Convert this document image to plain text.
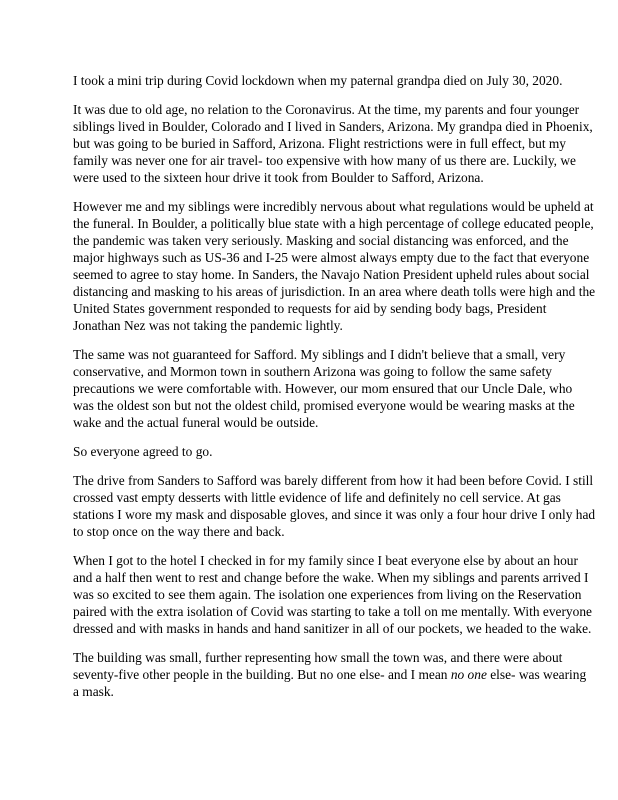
I took a mini trip during Covid lockdown when my paternal grandpa died on July 30, 2020.
It was due to old age, no relation to the Coronavirus. At the time, my parents and four younger
siblings lived in Boulder, Colorado and I lived in Sanders, Arizona. My grandpa died in Phoenix,
but was going to be buried in Safford, Arizona. Flight restrictions were in full effect, but my
family was never one for air travel- too expensive with how many of us there are. Luckily, we
were used to the sixteen hour drive it took from Boulder to Safford, Arizona.
However me and my siblings were incredibly nervous about what regulations would be upheld at
the funeral. In Boulder, a politically blue state with a high percentage of college educated people,
the pandemic was taken very seriously. Masking and social distancing was enforced, and the
major highways such as US-36 and I-25 were almost always empty due to the fact that everyone
seemed to agree to stay home. In Sanders, the Navajo Nation President upheld rules about social
distancing and masking to his areas of jurisdiction. In an area where death tolls were high and the
United States government responded to requests for aid by sending body bags, President
Jonathan Nez was not taking the pandemic lightly.
The same was not guaranteed for Safford. My siblings and I didn't believe that a small, very
conservative, and Mormon town in southern Arizona was going to follow the same safety
precautions we were comfortable with. However, our mom ensured that our Uncle Dale, who
was the oldest son but not the oldest child, promised everyone would be wearing masks at the
wake and the actual funeral would be outside.
So everyone agreed to go.
The drive from Sanders to Safford was barely different from how it had been before Covid. I still
crossed vast empty desserts with little evidence of life and definitely no cell service. At gas
stations I wore my mask and disposable gloves, and since it was only a four hour drive I only had
to stop once on the way there and back.
When I got to the hotel I checked in for my family since I beat everyone else by about an hour
and a half then went to rest and change before the wake. When my siblings and parents arrived I
was so excited to see them again. The isolation one experiences from living on the Reservation
paired with the extra isolation of Covid was starting to take a toll on me mentally. With everyone
dressed and with masks in hands and hand sanitizer in all of our pockets, we headed to the wake.
The building was small, further representing how small the town was, and there were about
seventy-five other people in the building. But no one else- and I mean no one else- was wearing
a mask.
